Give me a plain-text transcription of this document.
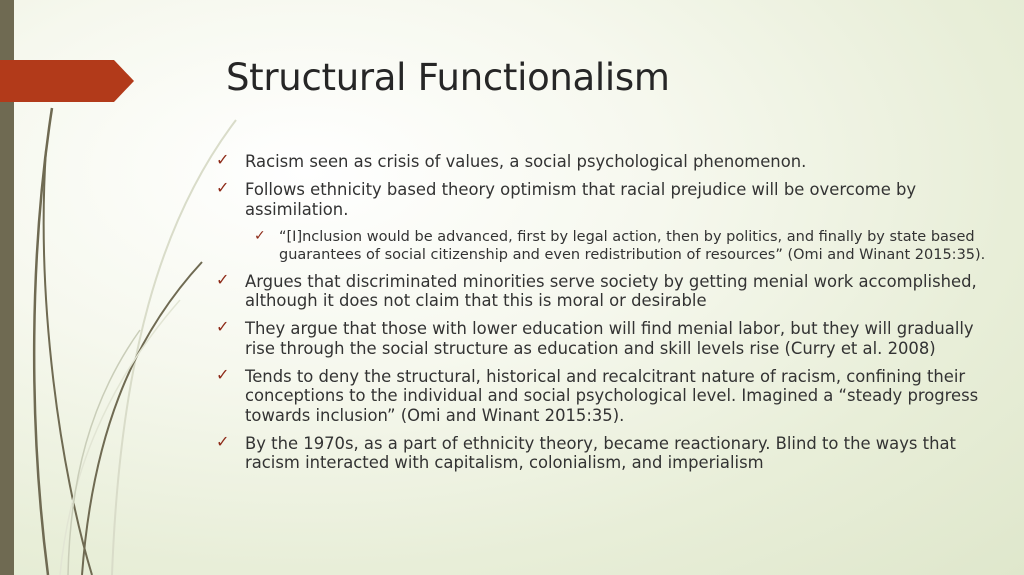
Structural Functionalism
✓ Racism seen as crisis of values, a social psychological phenomenon.
✓ Follows ethnicity based theory optimism that racial prejudice will be overcome by assimilation.
✓ “[I]nclusion would be advanced, first by legal action, then by politics, and finally by state based guarantees of social citizenship and even redistribution of resources” (Omi and Winant 2015:35).
✓ Argues that discriminated minorities serve society by getting menial work accomplished, although it does not claim that this is moral or desirable
✓ They argue that those with lower education will find menial labor, but they will gradually rise through the social structure as education and skill levels rise (Curry et al. 2008)
✓ Tends to deny the structural, historical and recalcitrant nature of racism, confining their conceptions to the individual and social psychological level. Imagined a “steady progress towards inclusion” (Omi and Winant 2015:35).
✓ By the 1970s, as a part of ethnicity theory, became reactionary. Blind to the ways that racism interacted with capitalism, colonialism, and imperialism
